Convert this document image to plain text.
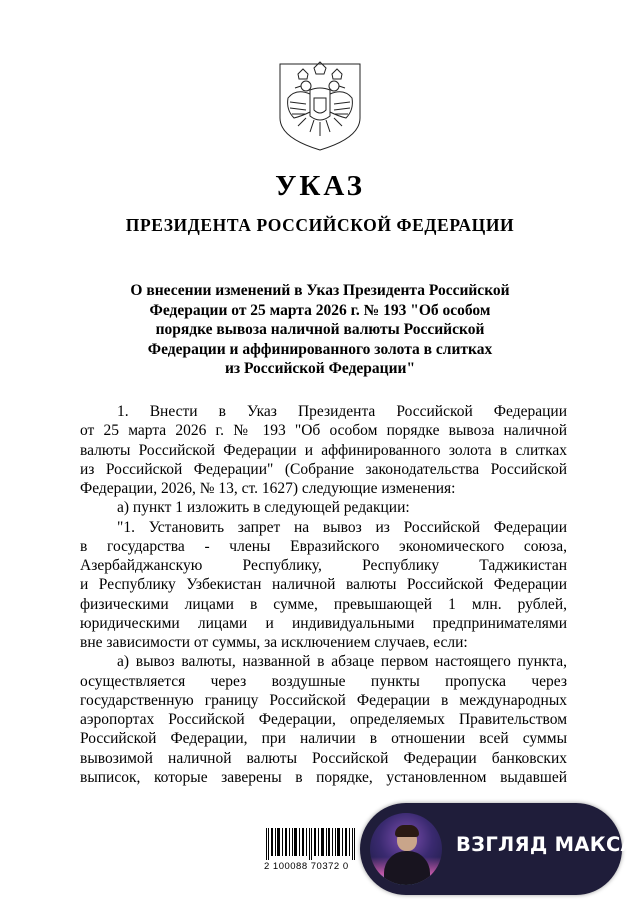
УКАЗ
ПРЕЗИДЕНТА РОССИЙСКОЙ ФЕДЕРАЦИИ
О внесении изменений в Указ Президента Российской
Федерации от 25 марта 2026 г. № 193 "Об особом
порядке вывоза наличной валюты Российской
Федерации и аффинированного золота в слитках
из Российской Федерации"
1. Внести в Указ Президента Российской Федерации
от 25 марта 2026 г. № 193 "Об особом порядке вывоза наличной
валюты Российской Федерации и аффинированного золота в слитках
из Российской Федерации" (Собрание законодательства Российской
Федерации, 2026, № 13, ст. 1627) следующие изменения:
а) пункт 1 изложить в следующей редакции:
"1. Установить запрет на вывоз из Российской Федерации
в государства - члены Евразийского экономического союза,
Азербайджанскую Республику, Республику Таджикистан
и Республику Узбекистан наличной валюты Российской Федерации
физическими лицами в сумме, превышающей 1 млн. рублей,
юридическими лицами и индивидуальными предпринимателями
вне зависимости от суммы, за исключением случаев, если:
а) вывоз валюты, названной в абзаце первом настоящего пункта,
осуществляется через воздушные пункты пропуска через
государственную границу Российской Федерации в международных
аэропортах Российской Федерации, определяемых Правительством
Российской Федерации, при наличии в отношении всей суммы
вывозимой наличной валюты Российской Федерации банковских
выписок, которые заверены в порядке, установленном выдавшей
2 100088 70372 0
ВЗГЛЯД МАКСА
